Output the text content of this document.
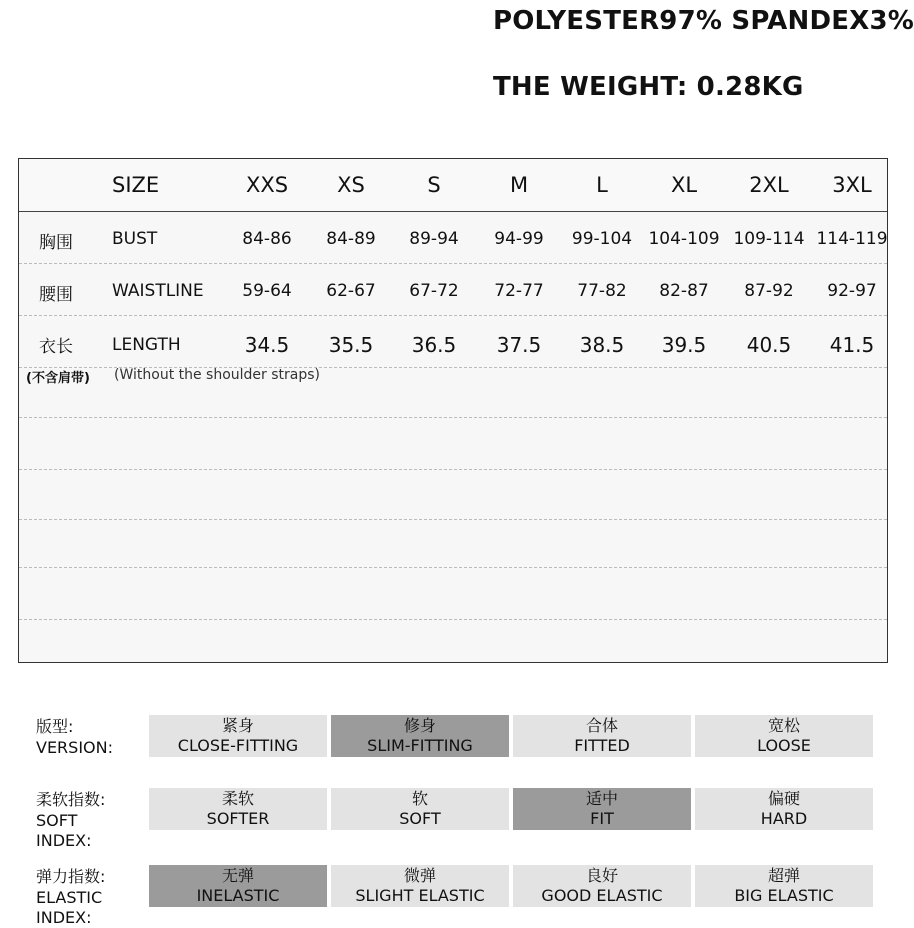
POLYESTER97% SPANDEX3%
THE WEIGHT: 0.28KG
SIZE	XXS XS	S	M	L	XL 2XL 3XL
(不含肩带) (Without the shoulder straps)
胸围 BUST	84-86 84-89 89-94 94-99 99-104 104-109 109-114 114-119
腰围 WAISTLINE 59-64 62-67 67-72 72-77 77-82 82-87 87-92 92-97
衣长 LENGTH	34.5 35.5 36.5 37.5 38.5 39.5 40.5 41.5
版型:
VERSION:
紧身
CLOSE-FITTING
修身
SLIM-FITTING
合体
FITTED
宽松
LOOSE
柔软指数:
SOFT INDEX:
柔软
SOFTER
软
SOFT
适中
FIT
偏硬
HARD
弹力指数:
ELASTIC INDEX:
无弹
INELASTIC
微弹
SLIGHT ELASTIC
良好
GOOD ELASTIC
超弹
BIG ELASTIC
